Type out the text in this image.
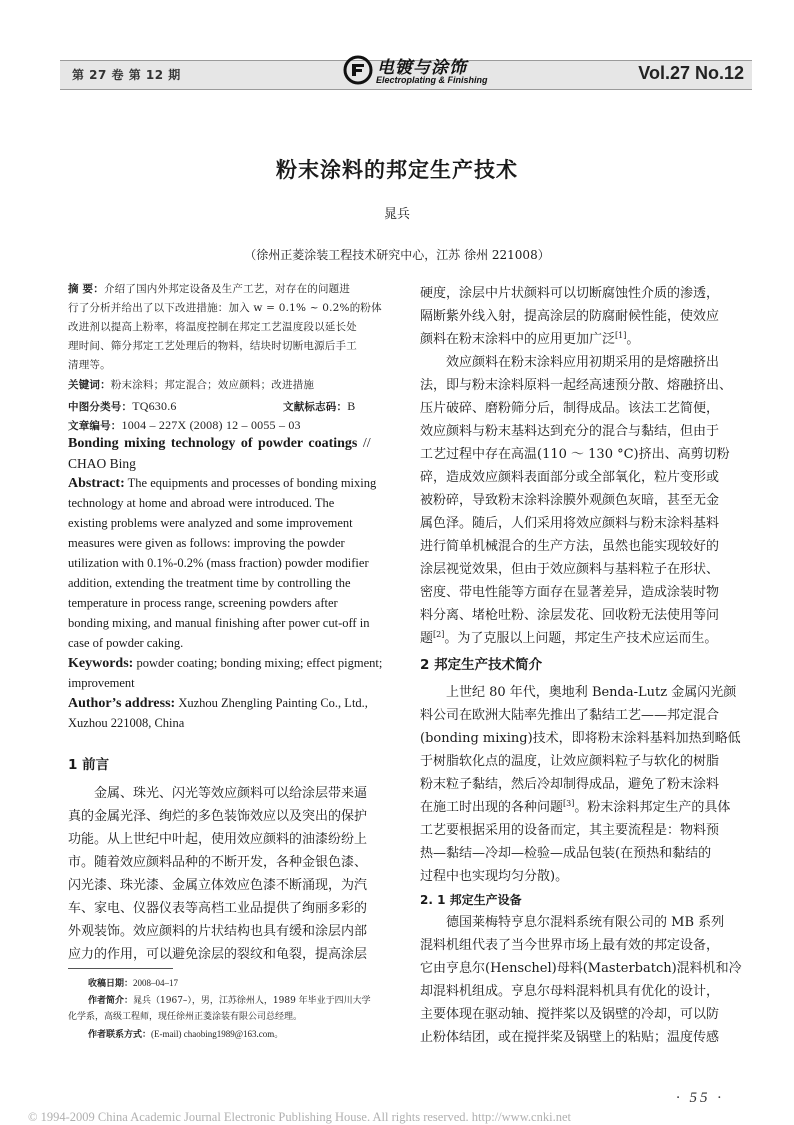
第 27 卷 第 12 期	电镀与涂饰
Electroplating & Finishing	Vol.27 No.12
粉末涂料的邦定生产技术
晁兵
（徐州正菱涂装工程技术研究中心，江苏 徐州 221008）
摘 要：介绍了国内外邦定设备及生产工艺，对存在的问题进
行了分析并给出了以下改进措施：加入 w = 0.1% ~ 0.2%的粉体
改进剂以提高上粉率，将温度控制在邦定工艺温度段以延长处
理时间、筛分邦定工艺处理后的物料，结块时切断电源后手工
清理等。
关键词：粉末涂料；邦定混合；效应颜料；改进措施
中图分类号：TQ630.6	文献标志码：B
文章编号：1004 – 227X (2008) 12 – 0055 – 03
Bonding mixing technology of powder coatings //
CHAO Bing
Abstract: The equipments and processes of bonding mixing
technology at home and abroad were introduced. The
existing problems were analyzed and some improvement
measures were given as follows: improving the powder
utilization with 0.1%-0.2% (mass fraction) powder modifier
addition, extending the treatment time by controlling the
temperature in process range, screening powders after
bonding mixing, and manual finishing after power cut-off in
case of powder caking.
Keywords: powder coating; bonding mixing; effect pigment;
improvement
Author’s address: Xuzhou Zhengling Painting Co., Ltd.,
Xuzhou 221008, China
1 前言
金属、珠光、闪光等效应颜料可以给涂层带来逼
真的金属光泽、绚烂的多色装饰效应以及突出的保护
功能。从上世纪中叶起，使用效应颜料的油漆纷纷上
市。随着效应颜料品种的不断开发，各种金银色漆、
闪光漆、珠光漆、金属立体效应色漆不断涌现，为汽
车、家电、仪器仪表等高档工业品提供了绚丽多彩的
外观装饰。效应颜料的片状结构也具有缓和涂层内部
应力的作用，可以避免涂层的裂纹和龟裂，提高涂层
收稿日期：2008–04–17
作者简介：晁兵（1967–），男，江苏徐州人，1989 年毕业于四川大学
化学系，高级工程师，现任徐州正菱涂装有限公司总经理。
作者联系方式：(E-mail) chaobing1989@163.com。
硬度，涂层中片状颜料可以切断腐蚀性介质的渗透，
隔断紫外线入射，提高涂层的防腐耐候性能，使效应
颜料在粉末涂料中的应用更加广泛[1]。
效应颜料在粉末涂料应用初期采用的是熔融挤出
法，即与粉末涂料原料一起经高速预分散、熔融挤出、
压片破碎、磨粉筛分后，制得成品。该法工艺简便，
效应颜料与粉末基料达到充分的混合与黏结，但由于
工艺过程中存在高温(110 ～ 130 °C)挤出、高剪切粉
碎，造成效应颜料表面部分或全部氧化，粒片变形或
被粉碎，导致粉末涂料涂膜外观颜色灰暗，甚至无金
属色泽。随后，人们采用将效应颜料与粉末涂料基料
进行简单机械混合的生产方法，虽然也能实现较好的
涂层视觉效果，但由于效应颜料与基料粒子在形状、
密度、带电性能等方面存在显著差异，造成涂装时物
料分离、堵枪吐粉、涂层发花、回收粉无法使用等问
题[2]。为了克服以上问题，邦定生产技术应运而生。
2 邦定生产技术简介
上世纪 80 年代，奥地利 Benda-Lutz 金属闪光颜
料公司在欧洲大陆率先推出了黏结工艺——邦定混合
(bonding mixing)技术，即将粉末涂料基料加热到略低
于树脂软化点的温度，让效应颜料粒子与软化的树脂
粉末粒子黏结，然后冷却制得成品，避免了粉末涂料
在施工时出现的各种问题[3]。粉末涂料邦定生产的具体
工艺要根据采用的设备而定，其主要流程是：物料预
热—黏结—冷却—检验—成品包装(在预热和黏结的
过程中也实现均匀分散)。
2. 1 邦定生产设备
德国莱梅特亨息尔混料系统有限公司的 MB 系列
混料机组代表了当今世界市场上最有效的邦定设备，
它由亨息尔(Henschel)母料(Masterbatch)混料机和冷
却混料机组成。亨息尔母料混料机具有优化的设计，
主要体现在驱动轴、搅拌桨以及锅壁的冷却，可以防
止粉体结团，或在搅拌桨及锅壁上的粘贴；温度传感
· 55 ·
© 1994-2009 China Academic Journal Electronic Publishing House. All rights reserved. http://www.cnki.net
